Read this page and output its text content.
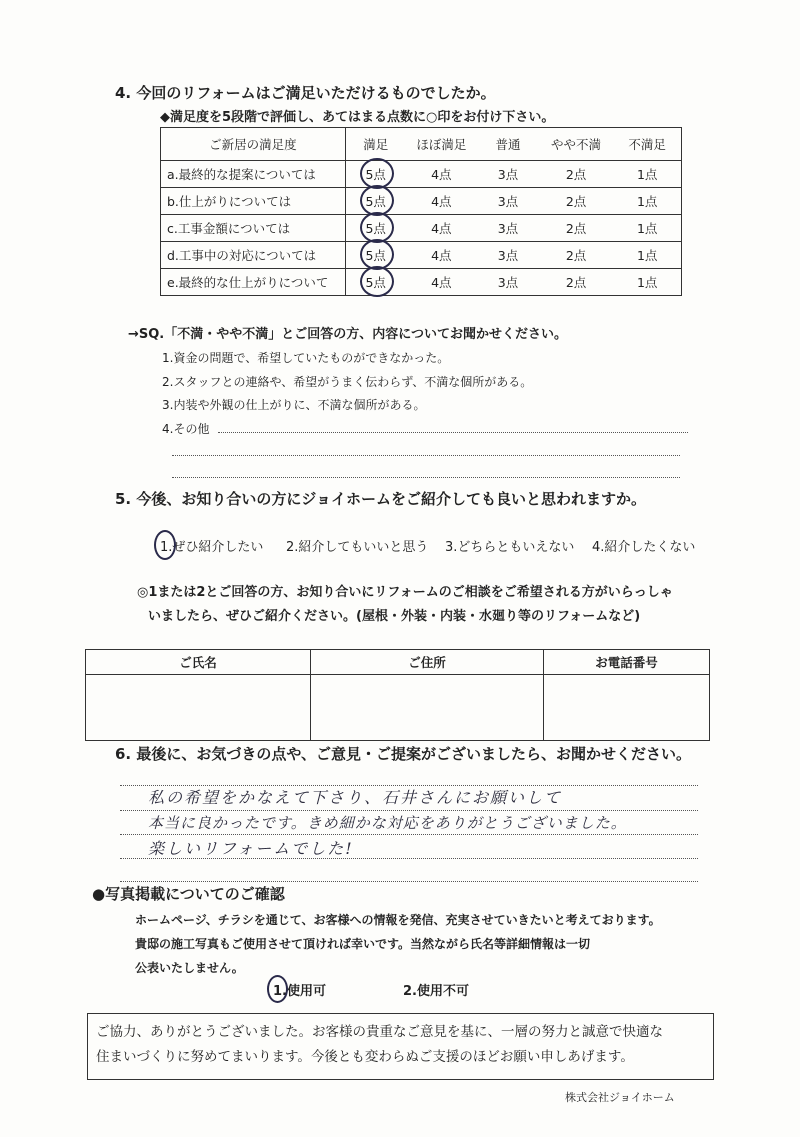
4. 今回のリフォームはご満足いただけるものでしたか。
◆満足度を5段階で評価し、あてはまる点数に○印をお付け下さい。
ご新居の満足度	満足	ほぼ満足	普通	やや不満	不満足
a.最終的な提案については	5点	4点	3点	2点	1点
b.仕上がりについては	5点	4点	3点	2点	1点
c.工事金額については	5点	4点	3点	2点	1点
d.工事中の対応については	5点	4点	3点	2点	1点
e.最終的な仕上がりについて	5点	4点	3点	2点	1点
→SQ.「不満・やや不満」とご回答の方、内容についてお聞かせください。
1.資金の問題で、希望していたものができなかった。
2.スタッフとの連絡や、希望がうまく伝わらず、不満な個所がある。
3.内装や外観の仕上がりに、不満な個所がある。
4.その他
5. 今後、お知り合いの方にジョイホームをご紹介しても良いと思われますか。
1.ぜひ紹介したい 2.紹介してもいいと思う 3.どちらともいえない 4.紹介したくない
◎1または2とご回答の方、お知り合いにリフォームのご相談をご希望される方がいらっしゃ
いましたら、ぜひご紹介ください。(屋根・外装・内装・水廻り等のリフォームなど)
ご氏名	ご住所	お電話番号

6. 最後に、お気づきの点や、ご意見・ご提案がございましたら、お聞かせください。
私の希望をかなえて下さり、石井さんにお願いして
本当に良かったです。きめ細かな対応をありがとうございました。
楽しいリフォームでした!
●写真掲載についてのご確認
ホームページ、チラシを通じて、お客様への情報を発信、充実させていきたいと考えております。
貴邸の施工写真もご使用させて頂ければ幸いです。当然ながら氏名等詳細情報は一切
公表いたしません。
1.使用可	2.使用不可
ご協力、ありがとうございました。お客様の貴重なご意見を基に、一層の努力と誠意で快適な
住まいづくりに努めてまいります。今後とも変わらぬご支援のほどお願い申しあげます。
株式会社ジョイホーム
